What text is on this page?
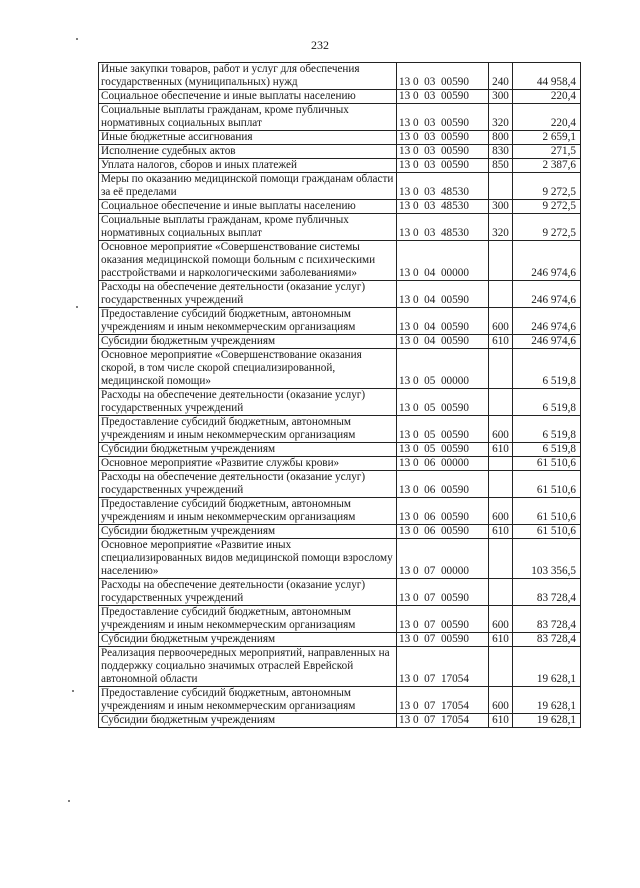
232
Иные закупки товаров, работ и услуг для обеспечения государственных (муниципальных) нужд	13 0  03  00590	240	44 958,4
Социальное обеспечение и иные выплаты населению	13 0  03  00590	300	220,4
Социальные выплаты гражданам, кроме публичных нормативных социальных выплат	13 0  03  00590	320	220,4
Иные бюджетные ассигнования	13 0  03  00590	800	2 659,1
Исполнение судебных актов	13 0  03  00590	830	271,5
Уплата налогов, сборов и иных платежей	13 0  03  00590	850	2 387,6
Меры по оказанию медицинской помощи гражданам области за её пределами	13 0  03  48530		9 272,5
Социальное обеспечение и иные выплаты населению	13 0  03  48530	300	9 272,5
Социальные выплаты гражданам, кроме публичных нормативных социальных выплат	13 0  03  48530	320	9 272,5
Основное мероприятие «Совершенствование системы оказания медицинской помощи больным с психическими расстройствами и наркологическими заболеваниями»	13 0  04  00000		246 974,6
Расходы на обеспечение деятельности (оказание услуг) государственных учреждений	13 0  04  00590		246 974,6
Предоставление субсидий бюджетным, автономным учреждениям и иным некоммерческим организациям	13 0  04  00590	600	246 974,6
Субсидии бюджетным учреждениям	13 0  04  00590	610	246 974,6
Основное мероприятие «Совершенствование оказания скорой, в том числе скорой специализированной, медицинской помощи»	13 0  05  00000		6 519,8
Расходы на обеспечение деятельности (оказание услуг) государственных учреждений	13 0  05  00590		6 519,8
Предоставление субсидий бюджетным, автономным учреждениям и иным некоммерческим организациям	13 0  05  00590	600	6 519,8
Субсидии бюджетным учреждениям	13 0  05  00590	610	6 519,8
Основное мероприятие «Развитие службы крови»	13 0  06  00000		61 510,6
Расходы на обеспечение деятельности (оказание услуг) государственных учреждений	13 0  06  00590		61 510,6
Предоставление субсидий бюджетным, автономным учреждениям и иным некоммерческим организациям	13 0  06  00590	600	61 510,6
Субсидии бюджетным учреждениям	13 0  06  00590	610	61 510,6
Основное мероприятие «Развитие иных специализированных видов медицинской помощи взрослому населению»	13 0  07  00000		103 356,5
Расходы на обеспечение деятельности (оказание услуг) государственных учреждений	13 0  07  00590		83 728,4
Предоставление субсидий бюджетным, автономным учреждениям и иным некоммерческим организациям	13 0  07  00590	600	83 728,4
Субсидии бюджетным учреждениям	13 0  07  00590	610	83 728,4
Реализация первоочередных мероприятий, направленных на поддержку социально значимых отраслей Еврейской автономной области	13 0  07  17054		19 628,1
Предоставление субсидий бюджетным, автономным учреждениям и иным некоммерческим организациям	13 0  07  17054	600	19 628,1
Субсидии бюджетным учреждениям	13 0  07  17054	610	19 628,1
